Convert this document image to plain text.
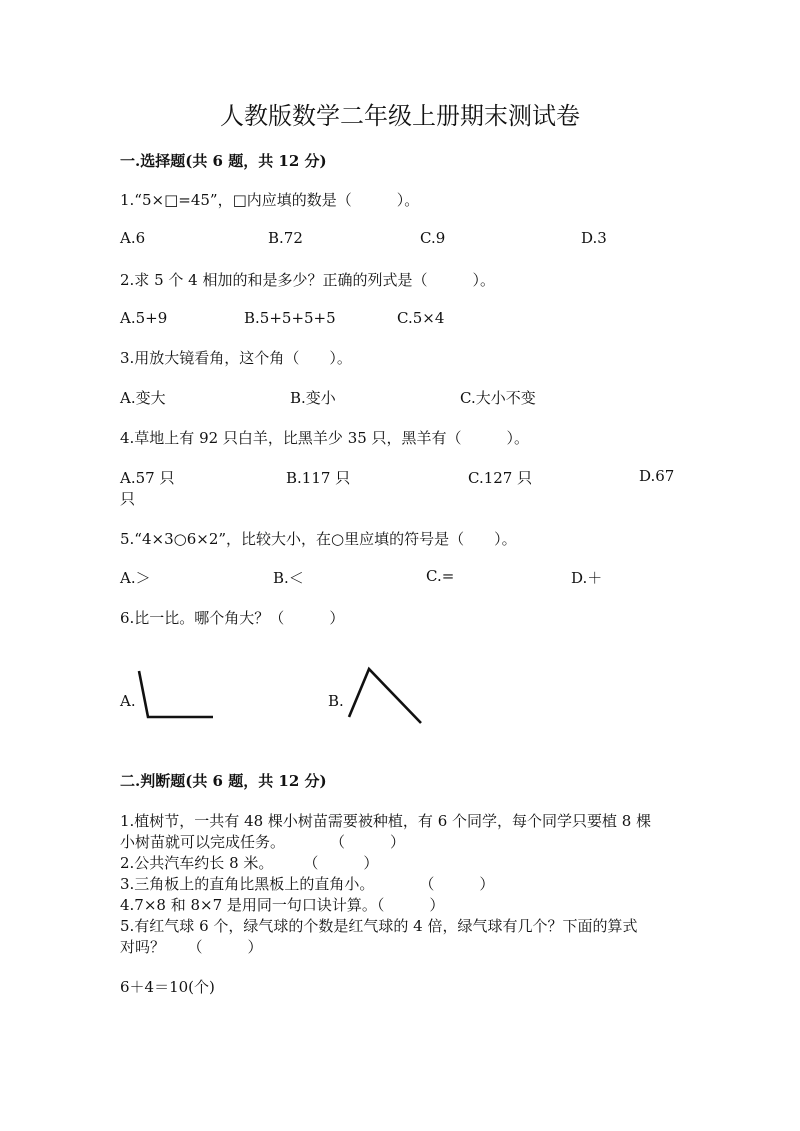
人教版数学二年级上册期末测试卷
一.选择题(共 6 题，共 12 分)
1.“5×□=45”，□内应填的数是（　　　）。
A.6	B.72	C.9	D.3
2.求 5 个 4 相加的和是多少？正确的列式是（　　　）。
A.5+9	B.5+5+5+5	C.5×4
3.用放大镜看角，这个角（　　）。
A.变大	B.变小	C.大小不变
4.草地上有 92 只白羊，比黑羊少 35 只，黑羊有（　　　）。
A.57 只	B.117 只	C.127 只	D.67
只
5.“4×3○6×2”，比较大小，在○里应填的符号是（　　）。
A.＞	B.＜	C.=	D.＋
6.比一比。哪个角大？（　　　）
A.	B.
二.判断题(共 6 题，共 12 分)
1.植树节，一共有 48 棵小树苗需要被种植，有 6 个同学，每个同学只要植 8 棵
小树苗就可以完成任务。　　　　（　　　）
2.公共汽车约长 8 米。　　　（　　　）
3.三角板上的直角比黑板上的直角小。　　　　（　　　）
4.7×8 和 8×7 是用同一句口诀计算。（　　　）
5.有红气球 6 个，绿气球的个数是红气球的 4 倍，绿气球有几个？下面的算式
对吗？　　（　　　）
6＋4＝10(个)
